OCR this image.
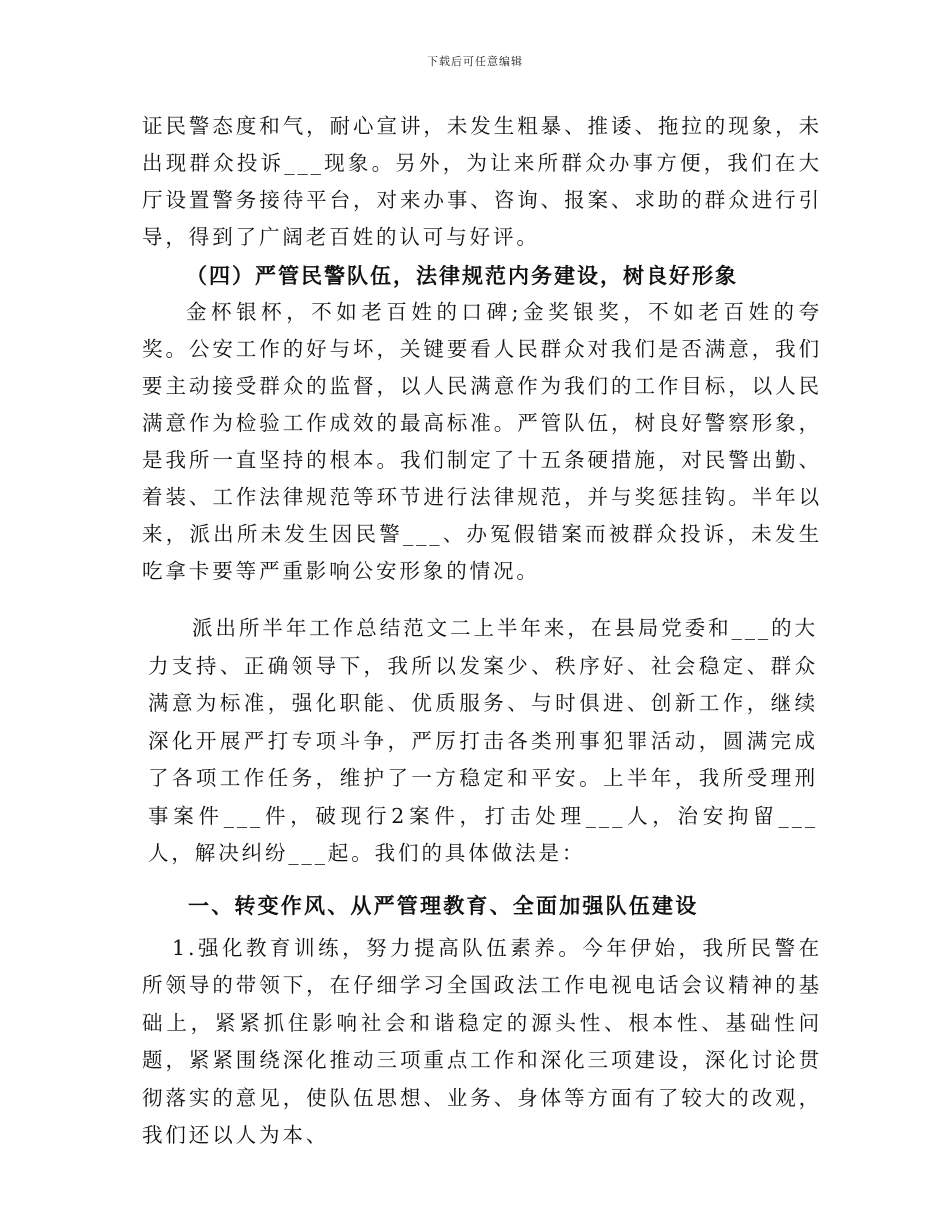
下载后可任意编辑

证民警态度和气，耐心宣讲，未发生粗暴、推诿、拖拉的现象，未出现群众投诉___现象。另外，为让来所群众办事方便，我们在大厅设置警务接待平台，对来办事、咨询、报案、求助的群众进行引导，得到了广阔老百姓的认可与好评。

（四）严管民警队伍，法律规范内务建设，树良好形象

金杯银杯，不如老百姓的口碑;金奖银奖，不如老百姓的夸奖。公安工作的好与坏，关键要看人民群众对我们是否满意，我们要主动接受群众的监督，以人民满意作为我们的工作目标，以人民满意作为检验工作成效的最高标准。严管队伍，树良好警察形象，是我所一直坚持的根本。我们制定了十五条硬措施，对民警出勤、着装、工作法律规范等环节进行法律规范，并与奖惩挂钩。半年以来，派出所未发生因民警___、办冤假错案而被群众投诉，未发生吃拿卡要等严重影响公安形象的情况。

派出所半年工作总结范文二上半年来，在县局党委和___的大力支持、正确领导下，我所以发案少、秩序好、社会稳定、群众满意为标准，强化职能、优质服务、与时俱进、创新工作，继续深化开展严打专项斗争，严厉打击各类刑事犯罪活动，圆满完成了各项工作任务，维护了一方稳定和平安。上半年，我所受理刑事案件___件，破现行2案件，打击处理___人，治安拘留___人，解决纠纷___起。我们的具体做法是：

一、转变作风、从严管理教育、全面加强队伍建设

1.强化教育训练，努力提高队伍素养。今年伊始，我所民警在所领导的带领下，在仔细学习全国政法工作电视电话会议精神的基础上，紧紧抓住影响社会和谐稳定的源头性、根本性、基础性问题，紧紧围绕深化推动三项重点工作和深化三项建设，深化讨论贯彻落实的意见，使队伍思想、业务、身体等方面有了较大的改观，我们还以人为本、
